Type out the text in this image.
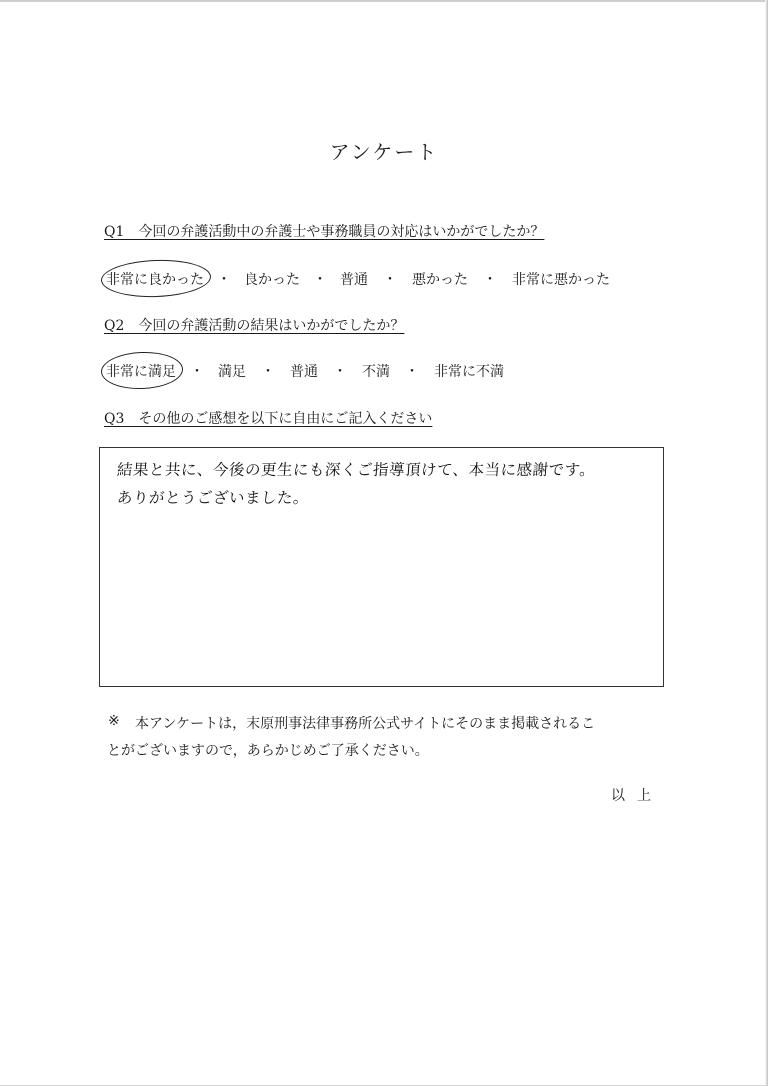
アンケート
Q1　今回の弁護活動中の弁護士や事務職員の対応はいかがでしたか？
非常に良かった ・ 良かった ・ 普通	・	悪かった	・	非常に悪かった
Q2　今回の弁護活動の結果はいかがでしたか？
非常に満足	・	満足	・	普通	・	不満	・	非常に不満
Q3　その他のご感想を以下に自由にご記入ください
結果と共に、今後の更生にも深くご指導頂けて、本当に感謝です。
ありがとうございました。
※ 本アンケートは，末原刑事法律事務所公式サイトにそのまま掲載されるこ
とがございますので，あらかじめご了承ください。
以上
